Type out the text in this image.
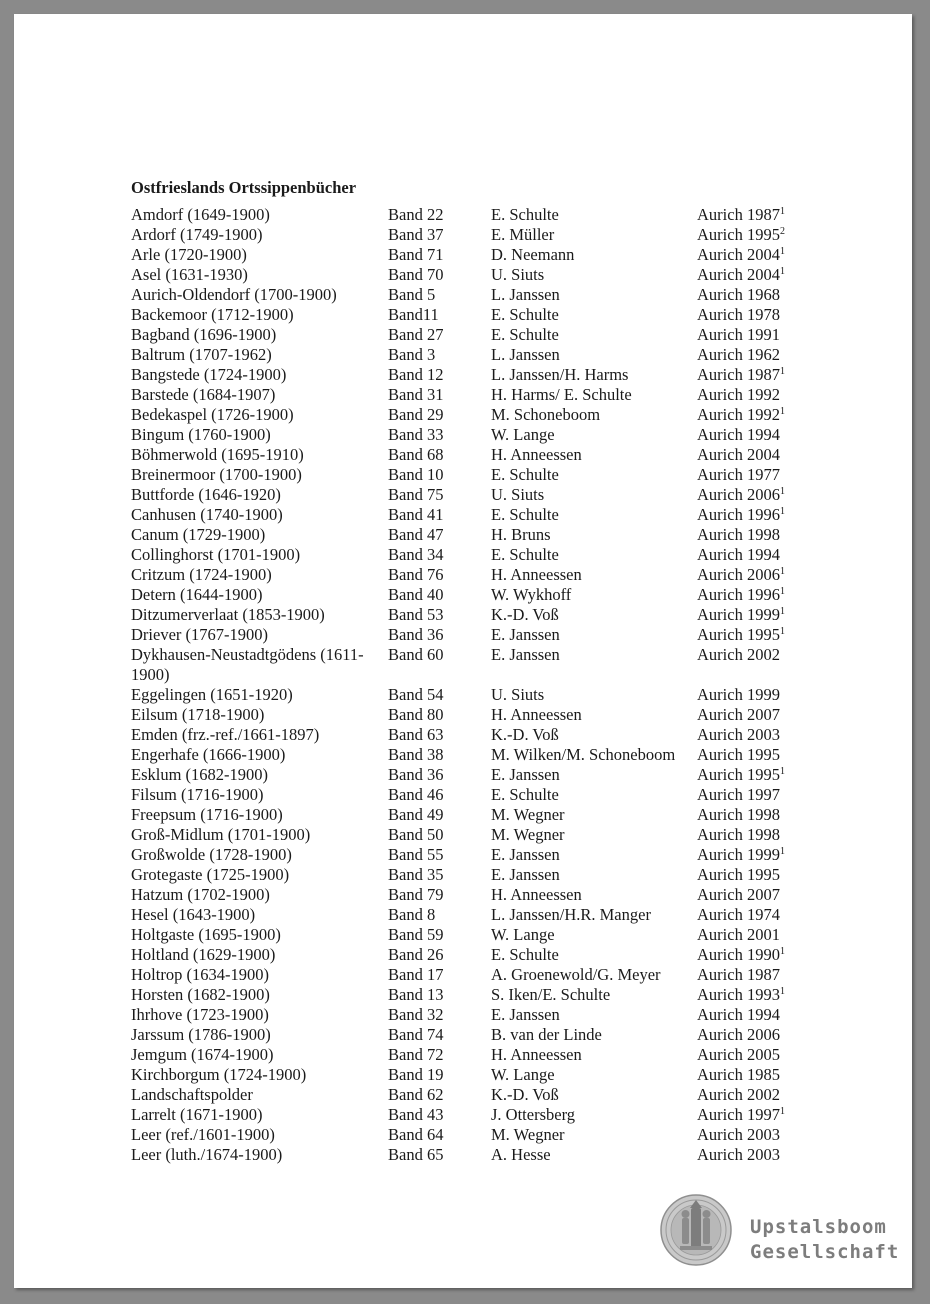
Ostfrieslands Ortssippenbücher
Amdorf (1649-1900)	Band 22	E. Schulte	Aurich 1987$^1$
Ardorf (1749-1900)	Band 37	E. Müller	Aurich 1995$^2$
Arle (1720-1900)	Band 71	D. Neemann	Aurich 2004$^1$
Asel (1631-1930)	Band 70	U. Siuts	Aurich 2004$^1$
Aurich-Oldendorf (1700-1900)	Band 5	L. Janssen	Aurich 1968
Backemoor (1712-1900)	Band11	E. Schulte	Aurich 1978
Bagband (1696-1900)	Band 27	E. Schulte	Aurich 1991
Baltrum (1707-1962)	Band 3	L. Janssen	Aurich 1962
Bangstede (1724-1900)	Band 12	L. Janssen/H. Harms	Aurich 1987$^1$
Barstede (1684-1907)	Band 31	H. Harms/ E. Schulte	Aurich 1992
Bedekaspel (1726-1900)	Band 29	M. Schoneboom	Aurich 1992$^1$
Bingum (1760-1900)	Band 33	W. Lange	Aurich 1994
Böhmerwold (1695-1910)	Band 68	H. Anneessen	Aurich 2004
Breinermoor (1700-1900)	Band 10	E. Schulte	Aurich 1977
Buttforde (1646-1920)	Band 75	U. Siuts	Aurich 2006$^1$
Canhusen (1740-1900)	Band 41	E. Schulte	Aurich 1996$^1$
Canum (1729-1900)	Band 47	H. Bruns	Aurich 1998
Collinghorst (1701-1900)	Band 34	E. Schulte	Aurich 1994
Critzum (1724-1900)	Band 76	H. Anneessen	Aurich 2006$^1$
Detern (1644-1900)	Band 40	W. Wykhoff	Aurich 1996$^1$
Ditzumerverlaat (1853-1900)	Band 53	K.-D. Voß	Aurich 1999$^1$
Driever (1767-1900)	Band 36	E. Janssen	Aurich 1995$^1$
Dykhausen-Neustadtgödens (1611-1900)
Band 60	E. Janssen	Aurich 2002
Eggelingen (1651-1920)	Band 54	U. Siuts	Aurich 1999
Eilsum (1718-1900)	Band 80	H. Anneessen	Aurich 2007
Emden (frz.-ref./1661-1897)	Band 63	K.-D. Voß	Aurich 2003
Engerhafe (1666-1900)	Band 38	M. Wilken/M. Schoneboom Aurich 1995
Esklum (1682-1900)	Band 36	E. Janssen	Aurich 1995$^1$
Filsum (1716-1900)	Band 46	E. Schulte	Aurich 1997
Freepsum (1716-1900)	Band 49	M. Wegner	Aurich 1998
Groß-Midlum (1701-1900)	Band 50	M. Wegner	Aurich 1998
Großwolde (1728-1900)	Band 55	E. Janssen	Aurich 1999$^1$
Grotegaste (1725-1900)	Band 35	E. Janssen	Aurich 1995
Hatzum (1702-1900)	Band 79	H. Anneessen	Aurich 2007
Hesel (1643-1900)	Band 8	L. Janssen/H.R. Manger	Aurich 1974
Holtgaste (1695-1900)	Band 59	W. Lange	Aurich 2001
Holtland (1629-1900)	Band 26	E. Schulte	Aurich 1990$^1$
Holtrop (1634-1900)	Band 17	A. Groenewold/G. Meyer Aurich 1987
Horsten (1682-1900)	Band 13	S. Iken/E. Schulte	Aurich 1993$^1$
Ihrhove (1723-1900)	Band 32	E. Janssen	Aurich 1994
Jarssum (1786-1900)	Band 74	B. van der Linde	Aurich 2006
Jemgum (1674-1900)	Band 72	H. Anneessen	Aurich 2005
Kirchborgum (1724-1900)	Band 19	W. Lange	Aurich 1985
Landschaftspolder	Band 62	K.-D. Voß	Aurich 2002
Larrelt (1671-1900)	Band 43	J. Ottersberg	Aurich 1997$^1$
Leer (ref./1601-1900)	Band 64	M. Wegner	Aurich 2003
Leer (luth./1674-1900)	Band 65	A. Hesse	Aurich 2003
Upstalsboom
Gesellschaft
